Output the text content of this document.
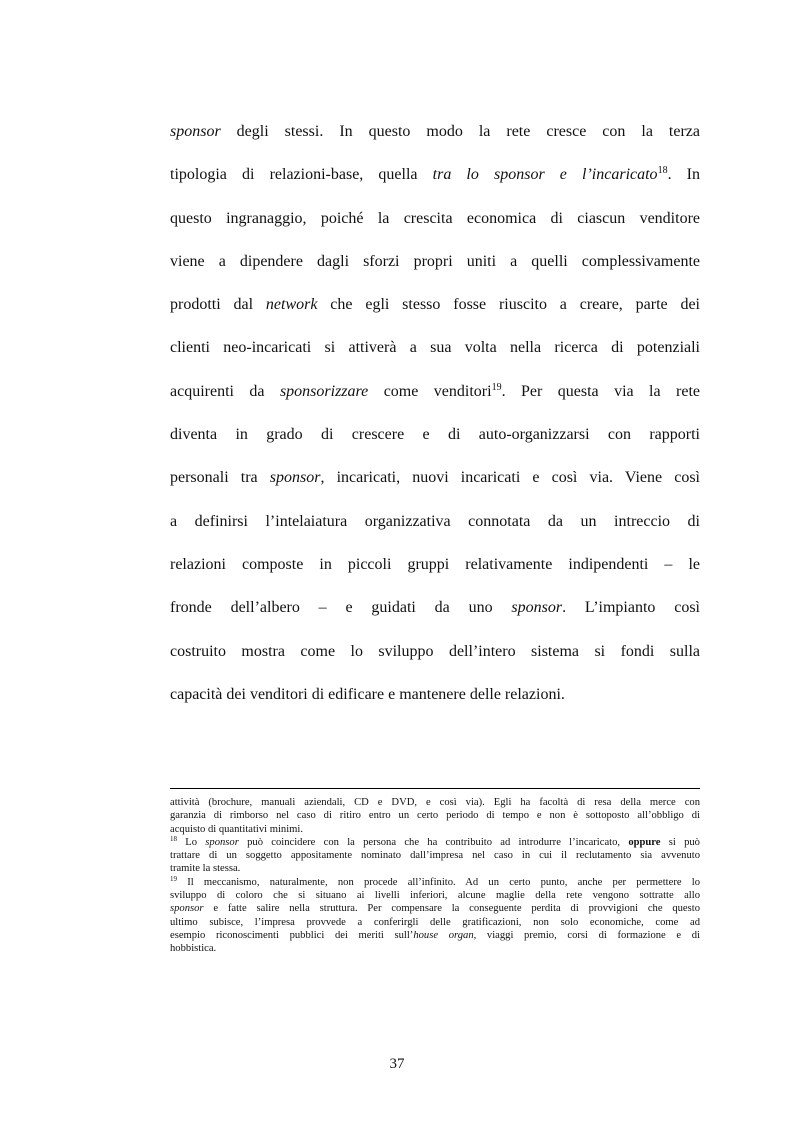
sponsor degli stessi. In questo modo la rete cresce con la terza
tipologia di relazioni-base, quella tra lo sponsor e l’incaricato$^{18}$. In
questo ingranaggio, poiché la crescita economica di ciascun venditore
viene a dipendere dagli sforzi propri uniti a quelli complessivamente
prodotti dal network che egli stesso fosse riuscito a creare, parte dei
clienti neo-incaricati si attiverà a sua volta nella ricerca di potenziali
acquirenti da sponsorizzare come venditori$^{19}$. Per questa via la rete
diventa in grado di crescere e di auto-organizzarsi con rapporti
personali tra sponsor, incaricati, nuovi incaricati e così via. Viene così
a definirsi l’intelaiatura organizzativa connotata da un intreccio di
relazioni composte in piccoli gruppi relativamente indipendenti – le
fronde dell’albero – e guidati da uno sponsor. L’impianto così
costruito mostra come lo sviluppo dell’intero sistema si fondi sulla
capacità dei venditori di edificare e mantenere delle relazioni.
attività (brochure, manuali aziendali, CD e DVD, e così via). Egli ha facoltà di resa della merce con
garanzia di rimborso nel caso di ritiro entro un certo periodo di tempo e non è sottoposto all’obbligo di
acquisto di quantitativi minimi.
$^{18}$ Lo sponsor può coincidere con la persona che ha contribuito ad introdurre l’incaricato, oppure si può
trattare di un soggetto appositamente nominato dall’impresa nel caso in cui il reclutamento sia avvenuto
tramite la stessa.
$^{19}$ Il meccanismo, naturalmente, non procede all’infinito. Ad un certo punto, anche per permettere lo
sviluppo di coloro che si situano ai livelli inferiori, alcune maglie della rete vengono sottratte allo
sponsor e fatte salire nella struttura. Per compensare la conseguente perdita di provvigioni che questo
ultimo subisce, l’impresa provvede a conferirgli delle gratificazioni, non solo economiche, come ad
esempio riconoscimenti pubblici dei meriti sull’house organ, viaggi premio, corsi di formazione e di
hobbistica.
37
